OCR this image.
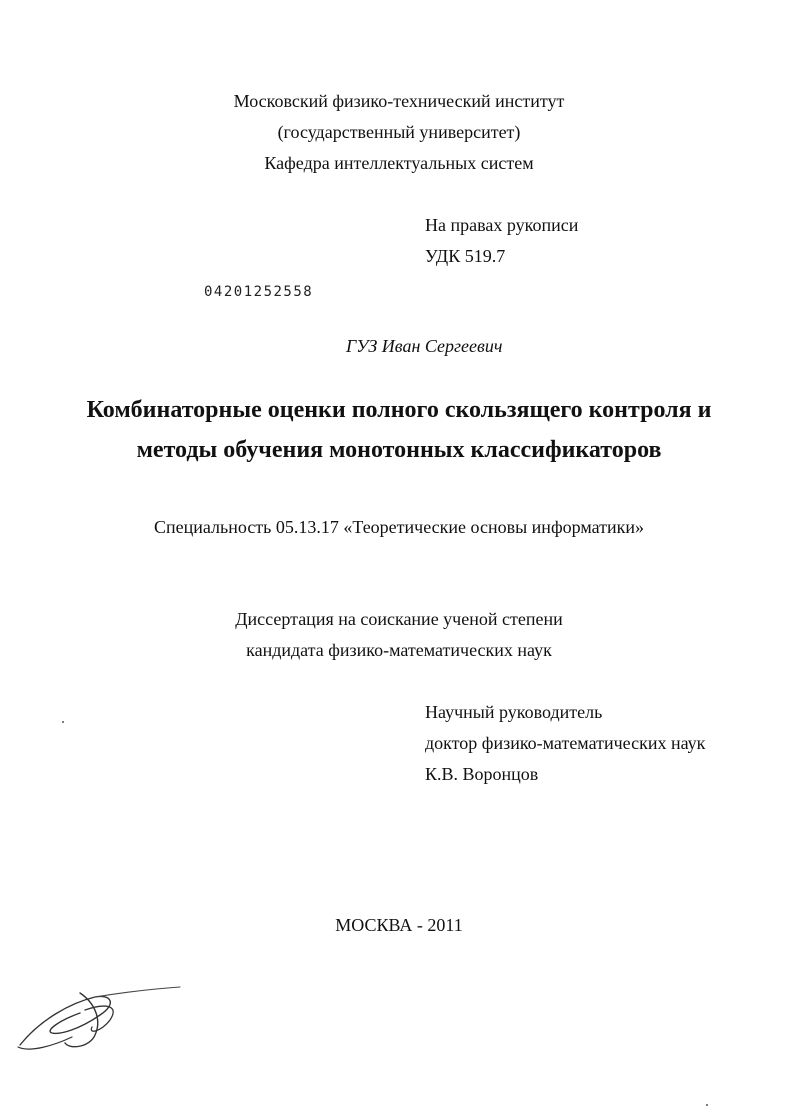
Московский физико-технический институт
(государственный университет)
Кафедра интеллектуальных систем
На правах рукописи
УДК 519.7
04201252558
ГУЗ Иван Сергеевич
Комбинаторные оценки полного скользящего контроля и
методы обучения монотонных классификаторов
Специальность 05.13.17 «Теоретические основы информатики»
Диссертация на соискание ученой степени
кандидата физико-математических наук
Научный руководитель
доктор физико-математических наук
К.В. Воронцов
МОСКВА - 2011
